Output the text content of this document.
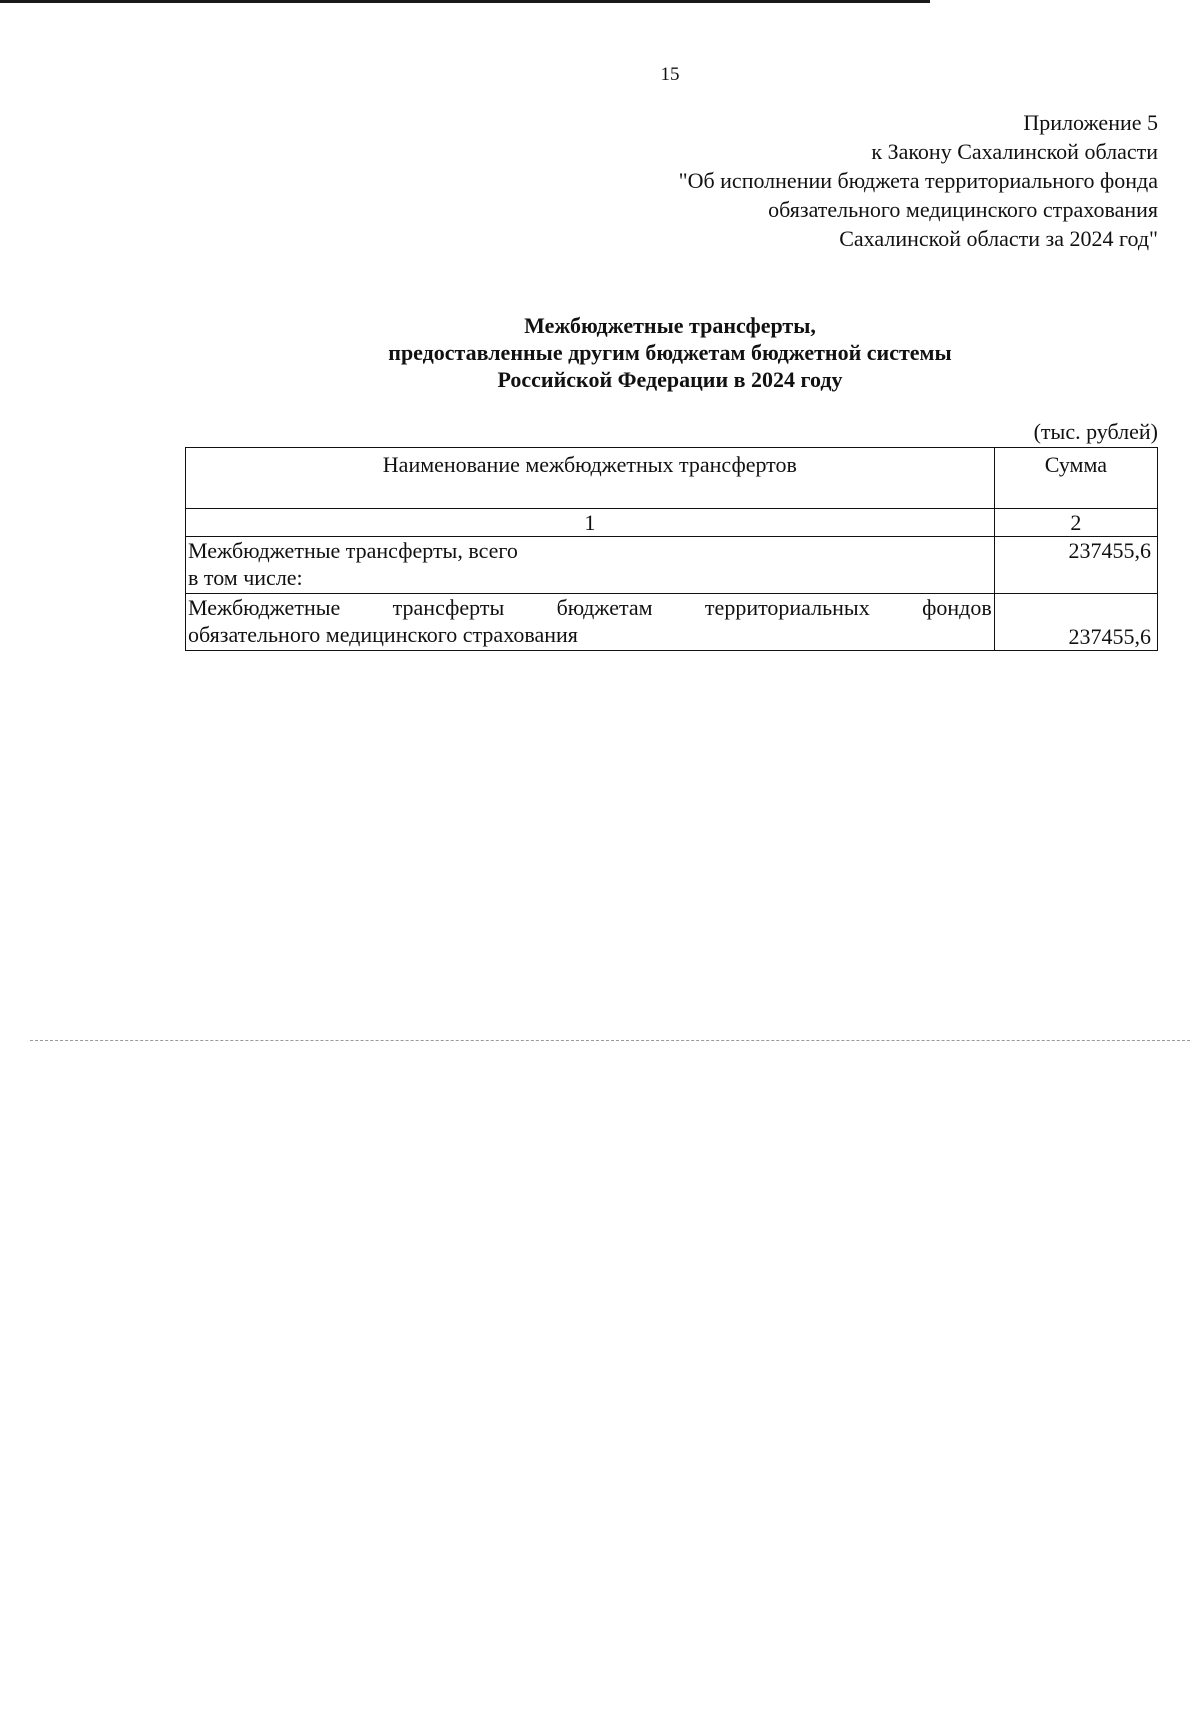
15
Приложение 5
к Закону Сахалинской области
"Об исполнении бюджета территориального фонда
обязательного медицинского страхования
Сахалинской области за 2024 год"
Межбюджетные трансферты,
предоставленные другим бюджетам бюджетной системы
Российской Федерации в 2024 году
(тыс. рублей)
Наименование межбюджетных трансфертов	Сумма
1	2

Межбюджетные трансферты, всего
в том числе:	237455,6

Межбюджетные трансферты бюджетам территориальных фондов
обязательного медицинского страхования	237455,6
